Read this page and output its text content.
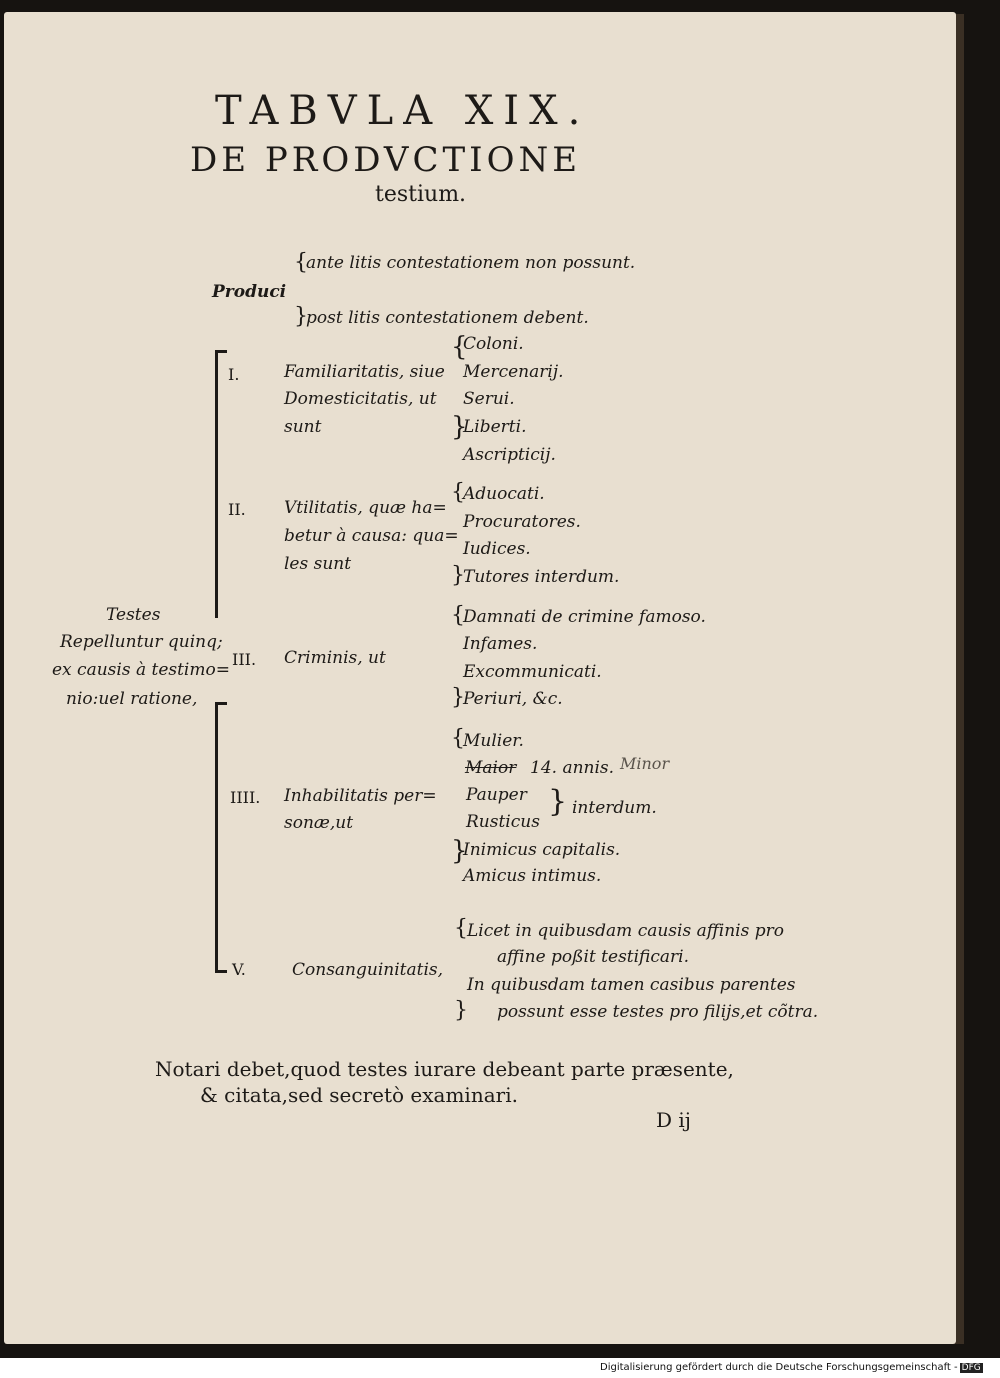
TABVLA XIX.
DE PRODVCTIONE
testium.
{
ante litis contestationem non possunt.
Produci
}
post litis contestationem debent.
Testes
Repelluntur quinq;
ex causis à testimo=
nio:uel ratione,
I.	Familiaritatis, siue
Domesticitatis, ut
sunt
{
Coloni.
Mercenarij.
Serui.
}
Liberti.
Ascripticij.
II. Vtilitatis, quæ ha=
betur à causa: qua=
les sunt
{
Aduocati.
Procuratores.
Iudices.
}
Tutores interdum.
III. Criminis, ut
{
Damnati de crimine famoso.
Infames.
Excommunicati.
}
Periuri, &c.
IIII. Inhabilitatis per=
sonæ,ut
{
Mulier.
Maior 14. annis. Minor
Pauper
Rusticus
} interdum.
}
Inimicus capitalis.
Amicus intimus.
V.	Consanguinitatis,
{ Licet in quibusdam causis affinis pro
affine poßit testificari.
In quibusdam tamen casibus parentes
} possunt esse testes pro filijs,et cõtra.
Notari debet,quod testes iurare debeant parte præsente,
& citata,sed secretò examinari.
D ij
Digitalisierung gefördert durch die Deutsche Forschungsgemeinschaft - DFG
